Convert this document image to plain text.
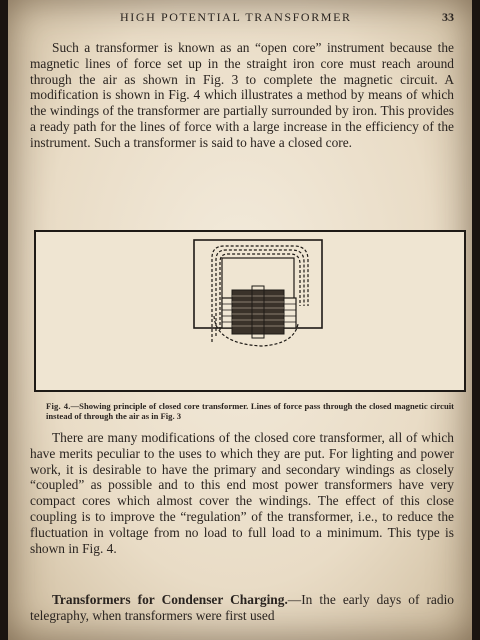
HIGH POTENTIAL TRANSFORMER	33

Such a transformer is known as an “open core” instrument because the magnetic lines of force set up in the straight iron core must reach around through the air as shown in Fig. 3 to complete the magnetic circuit. A modification is shown in Fig. 4 which illustrates a method by means of which the windings of the transformer are partially surrounded by iron. This provides a ready path for the lines of force with a large increase in the efficiency of the instrument. Such a transformer is said to have a closed core.

Fig. 4.—Showing principle of closed core transformer. Lines of force pass through the closed magnetic circuit instead of through the air as in Fig. 3

There are many modifications of the closed core transformer, all of which have merits peculiar to the uses to which they are put. For lighting and power work, it is desirable to have the primary and secondary windings as closely “coupled” as possible and to this end most power transformers have very compact cores which almost cover the windings. The effect of this close coupling is to improve the “regulation” of the transformer, i.e., to reduce the fluctuation in voltage from no load to full load to a minimum. This type is shown in Fig. 4.

Transformers for Condenser Charging.—In the early days of radio telegraphy, when transformers were first used
